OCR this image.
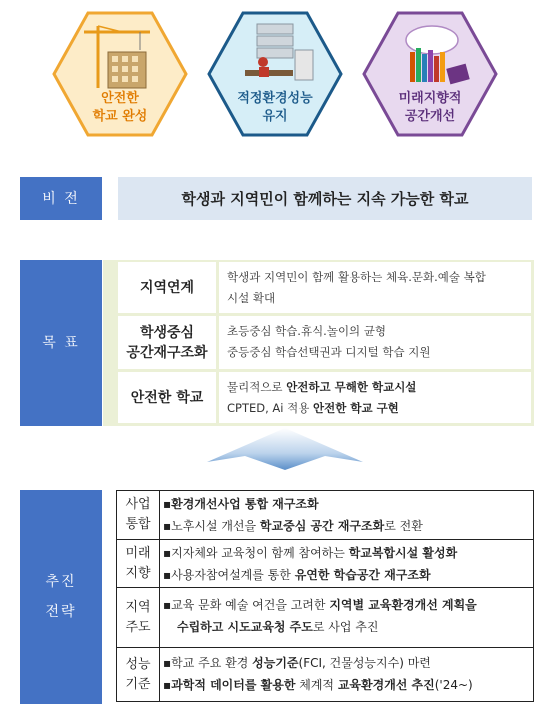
안전한
학교 완성
적정환경성능
유지
미래지향적
공간개선
비 전	학생과 지역민이 함께하는 지속 가능한 학교
목 표
지역연계
학생과 지역민이 함께 활용하는 체육.문화.예술 복합
시설 확대
학생중심
공간재구조화
초등중심 학습.휴식.놀이의 균형
중등중심 학습선택권과 디지털 학습 지원
안전한 학교
물리적으로 안전하고 무해한 학교시설
CPTED, Ai 적용 안전한 학교 구현
추진
전략
사업
통합
▪환경개선사업 통합 재구조화
▪노후시설 개선을 학교중심 공간 재구조화로 전환
미래
지향
▪지자체와 교육청이 함께 참여하는 학교복합시설 활성화
▪사용자참여설계를 통한 유연한 학습공간 재구조화
지역
주도
▪교육 문화 예술 여건을 고려한 지역별 교육환경개선 계획을
수립하고 시도교육청 주도로 사업 추진
성능
기준
▪학교 주요 환경 성능기준(FCI, 건물성능지수) 마련
▪과학적 데이터를 활용한 체계적 교육환경개선 추진('24~)
